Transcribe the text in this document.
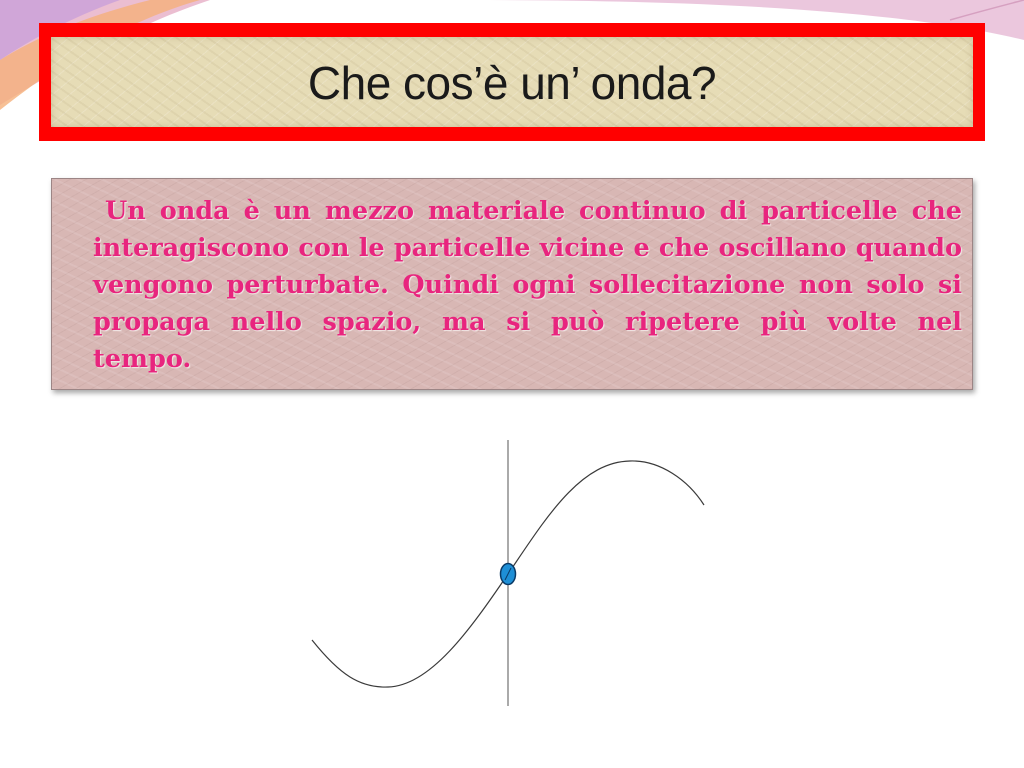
Che cos’è un’ onda?

Un onda è un mezzo materiale continuo di particelle che interagiscono con le particelle vicine e che oscillano quando vengono perturbate. Quindi ogni sollecitazione non solo si propaga nello spazio, ma si può ripetere più volte nel tempo.
